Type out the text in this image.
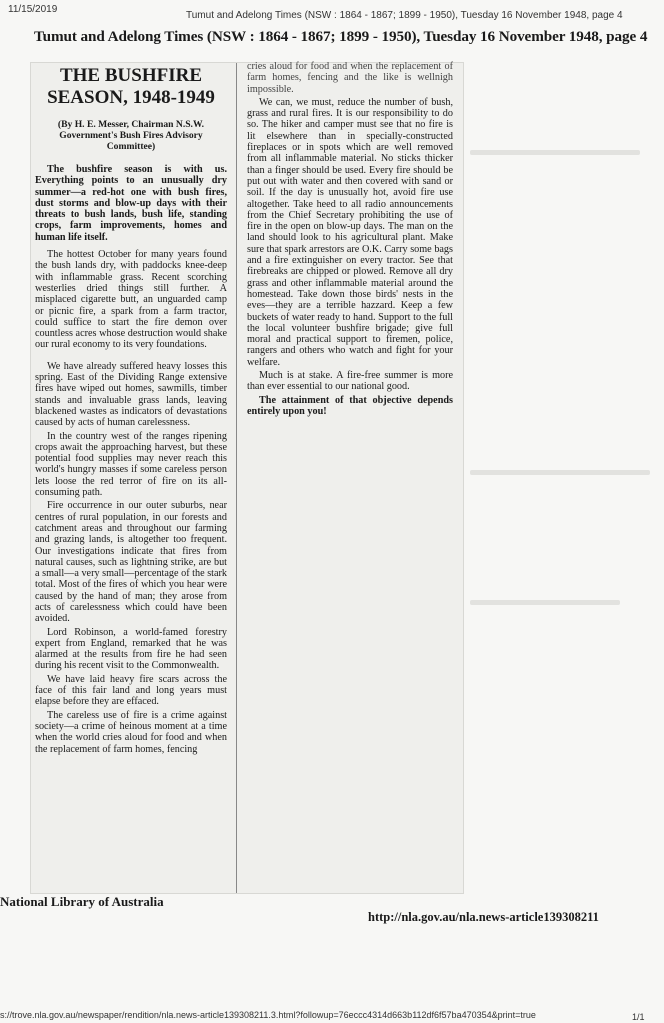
11/15/2019
Tumut and Adelong Times (NSW : 1864 - 1867; 1899 - 1950), Tuesday 16 November 1948, page 4
Tumut and Adelong Times (NSW : 1864 - 1867; 1899 - 1950), Tuesday 16 November 1948, page 4
THE BUSHFIRE SEASON, 1948-1949
(By H. E. Messer, Chairman N.S.W. Government's Bush Fires Advisory Committee)

The bushfire season is with us. Everything points to an unusually dry summer—a red-hot one with bush fires, dust storms and blow-up days with their threats to bush lands, bush life, standing crops, farm improvements, homes and human life itself.

The hottest October for many years found the bush lands dry, with paddocks knee-deep with inflammable grass. Recent scorching westerlies dried things still further. A misplaced cigarette butt, an unguarded camp or picnic fire, a spark from a farm tractor, could suffice to start the fire demon over countless acres whose destruction would shake our rural economy to its very foundations.

We have already suffered heavy losses this spring. East of the Dividing Range extensive fires have wiped out homes, sawmills, timber stands and invaluable grass lands, leaving blackened wastes as indicators of devastations caused by acts of human carelessness.

In the country west of the ranges ripening crops await the approaching harvest, but these potential food supplies may never reach this world's hungry masses if some careless person lets loose the red terror of fire on its all-consuming path.

Fire occurrence in our outer suburbs, near centres of rural population, in our forests and catchment areas and throughout our farming and grazing lands, is altogether too frequent. Our investigations indicate that fires from natural causes, such as lightning strike, are but a small—a very small—percentage of the stark total. Most of the fires of which you hear were caused by the hand of man; they arose from acts of carelessness which could have been avoided.

Lord Robinson, a world-famed forestry expert from England, remarked that he was alarmed at the results from fire he had seen during his recent visit to the Commonwealth.

We have laid heavy fire scars across the face of this fair land and long years must elapse before they are effaced.

The careless use of fire is a crime against society—a crime of heinous moment at a time when the world cries aloud for food and when the replacement of farm homes, fencing

cries aloud for food and when the replacement of farm homes, fencing and the like is wellnigh impossible.

We can, we must, reduce the number of bush, grass and rural fires. It is our responsibility to do so. The hiker and camper must see that no fire is lit elsewhere than in specially-constructed fireplaces or in spots which are well removed from all inflammable material. No sticks thicker than a finger should be used. Every fire should be put out with water and then covered with sand or soil. If the day is unusually hot, avoid fire use altogether. Take heed to all radio announcements from the Chief Secretary prohibiting the use of fire in the open on blow-up days. The man on the land should look to his agricultural plant. Make sure that spark arrestors are O.K. Carry some bags and a fire extinguisher on every tractor. See that firebreaks are chipped or plowed. Remove all dry grass and other inflammable material around the homestead. Take down those birds' nests in the eves—they are a terrible hazzard. Keep a few buckets of water ready to hand. Support to the full the local volunteer bushfire brigade; give full moral and practical support to firemen, police, rangers and others who watch and fight for your welfare.

Much is at stake. A fire-free summer is more than ever essential to our national good.

The attainment of that objective depends entirely upon you!

National Library of Australia
http://nla.gov.au/nla.news-article139308211
s://trove.nla.gov.au/newspaper/rendition/nla.news-article139308211.3.html?followup=76eccc4314d663b112df6f57ba470354&print=true	1/1
